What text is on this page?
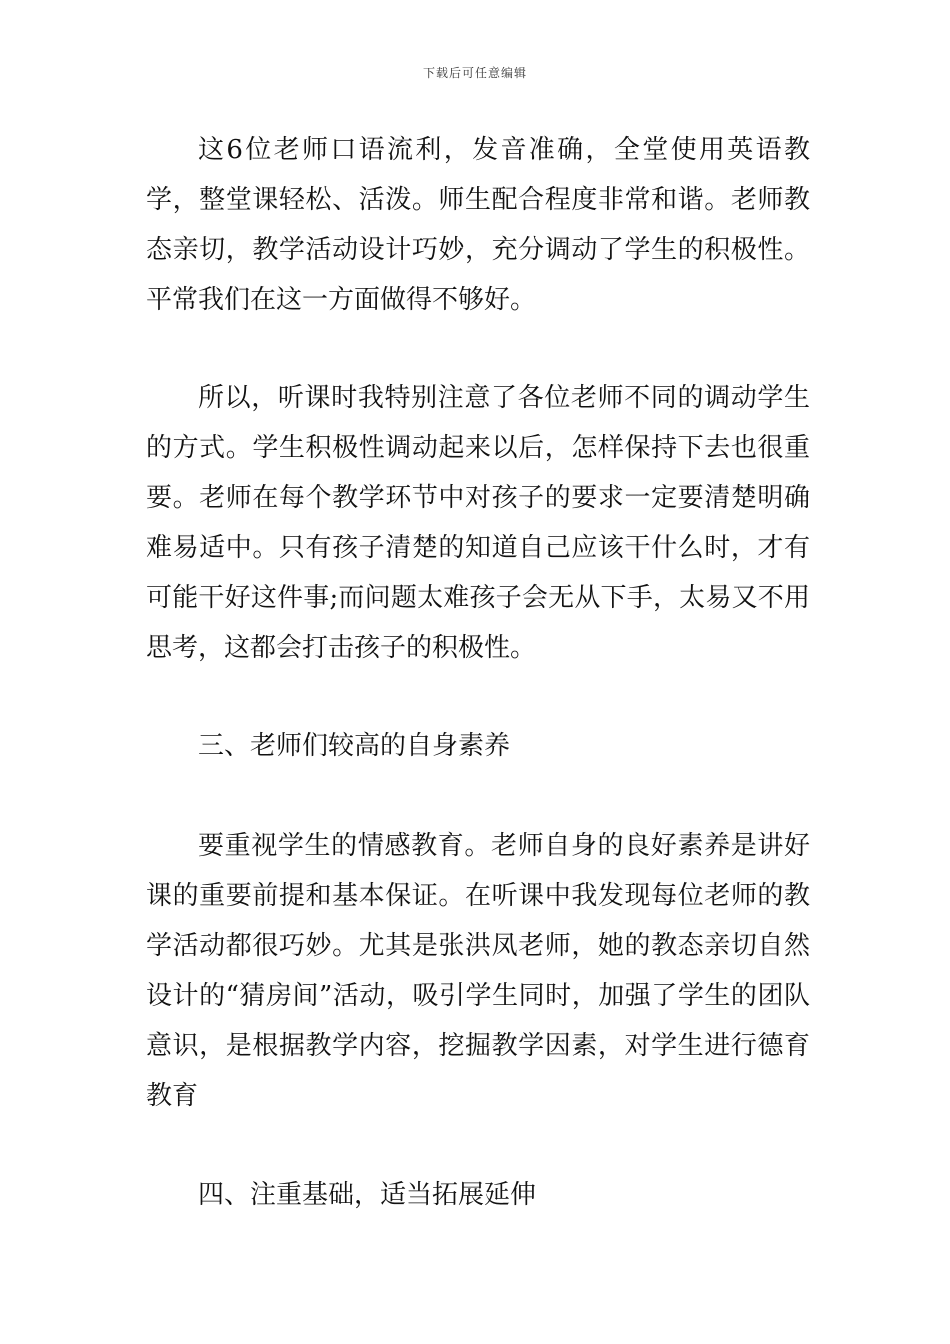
下载后可任意编辑

这6位老师口语流利，发音准确，全堂使用英语教学，整堂课轻松、活泼。师生配合程度非常和谐。老师教态亲切，教学活动设计巧妙，充分调动了学生的积极性。平常我们在这一方面做得不够好。

所以，听课时我特别注意了各位老师不同的调动学生的方式。学生积极性调动起来以后，怎样保持下去也很重要。老师在每个教学环节中对孩子的要求一定要清楚明确难易适中。只有孩子清楚的知道自己应该干什么时，才有可能干好这件事;而问题太难孩子会无从下手，太易又不用思考，这都会打击孩子的积极性。

三、老师们较高的自身素养

要重视学生的情感教育。老师自身的良好素养是讲好课的重要前提和基本保证。在听课中我发现每位老师的教学活动都很巧妙。尤其是张洪凤老师，她的教态亲切自然设计的“猜房间”活动，吸引学生同时，加强了学生的团队意识，是根据教学内容，挖掘教学因素，对学生进行德育教育

四、注重基础，适当拓展延伸
